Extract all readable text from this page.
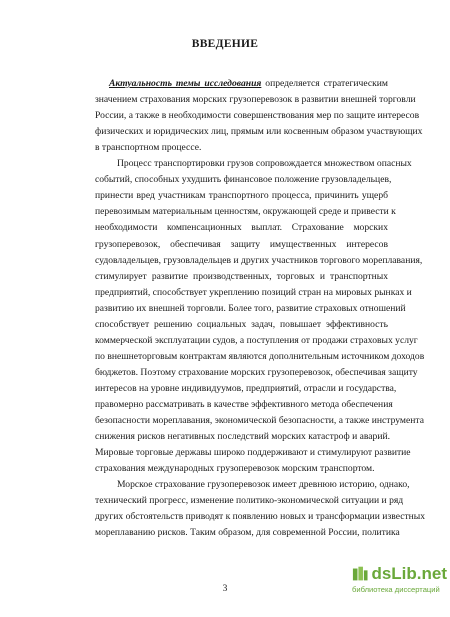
ВВЕДЕНИЕ
Актуальность темы исследования определяется стратегическим
значением страхования морских грузоперевозок в развитии внешней торговли
России, а также в необходимости совершенствования мер по защите интересов
физических и юридических лиц, прямым или косвенным образом участвующих
в транспортном процессе.
Процесс транспортировки грузов сопровождается множеством опасных
событий, способных ухудшить финансовое положение грузовладельцев,
принести вред участникам транспортного процесса, причинить ущерб
перевозимым материальным ценностям, окружающей среде и привести к
необходимости компенсационных выплат. Страхование морских
грузоперевозок, обеспечивая защиту имущественных интересов
судовладельцев, грузовладельцев и других участников торгового мореплавания,
стимулирует развитие производственных, торговых и транспортных
предприятий, способствует укреплению позиций стран на мировых рынках и
развитию их внешней торговли. Более того, развитие страховых отношений
способствует решению социальных задач, повышает эффективность
коммерческой эксплуатации судов, а поступления от продажи страховых услуг
по внешнеторговым контрактам являются дополнительным источником доходов
бюджетов. Поэтому страхование морских грузоперевозок, обеспечивая защиту
интересов на уровне индивидуумов, предприятий, отрасли и государства,
правомерно рассматривать в качестве эффективного метода обеспечения
безопасности мореплавания, экономической безопасности, а также инструмента
снижения рисков негативных последствий морских катастроф и аварий.
Мировые торговые державы широко поддерживают и стимулируют развитие
страхования международных грузоперевозок морским транспортом.
Морское страхование грузоперевозок имеет древнюю историю, однако,
технический прогресс, изменение политико-экономической ситуации и ряд
других обстоятельств приводят к появлению новых и трансформации известных
мореплаванию рисков. Таким образом, для современной России, политика
3
dsLib.net
библиотека диссертаций
